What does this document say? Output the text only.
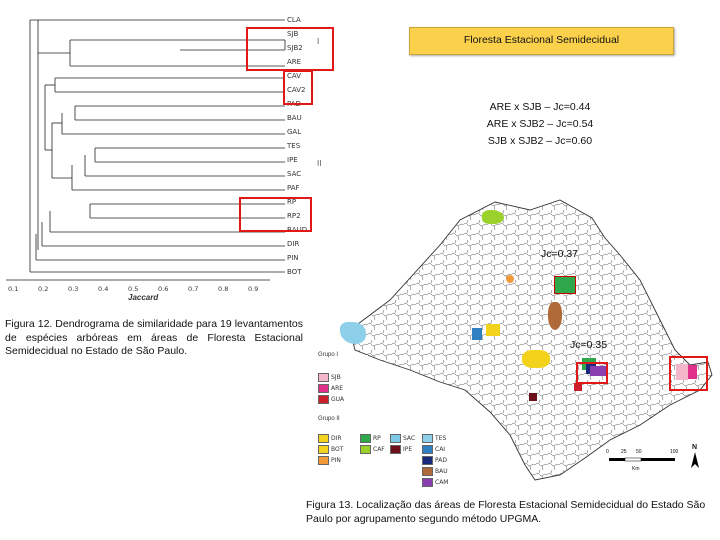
CLA
SJB
SJB2
ARE
CAV
CAV2
PAD
BAU
GAL
TES
IPE
SAC
PAF
RP
RP2
BAUD
DIR
PIN
BOT
I
II
0.1	0.2	0.3	0.4	0.5	0.6	0.7	0.8	0.9
Jaccard
Figura 12. Dendrograma de similaridade para 19 levantamentos de espécies arbóreas em áreas de Floresta Estacional Semidecidual no Estado de São Paulo.
Floresta Estacional Semidecidual
ARE x SJB – Jc=0.44
ARE x SJB2 – Jc=0.54
SJB x SJB2 – Jc=0.60
Grupo I
SJB
ARE
GUA
Grupo II
DIR
BOT
PIN
RP
CAF
SAC
IPE
TES
CAI
PAD
BAU
CAM
0 25 50	100
Km
N
Jc=0.37
Jc=0.35
Figura 13. Localização das áreas de Floresta Estacional Semidecidual do Estado São Paulo por agrupamento segundo método UPGMA.
